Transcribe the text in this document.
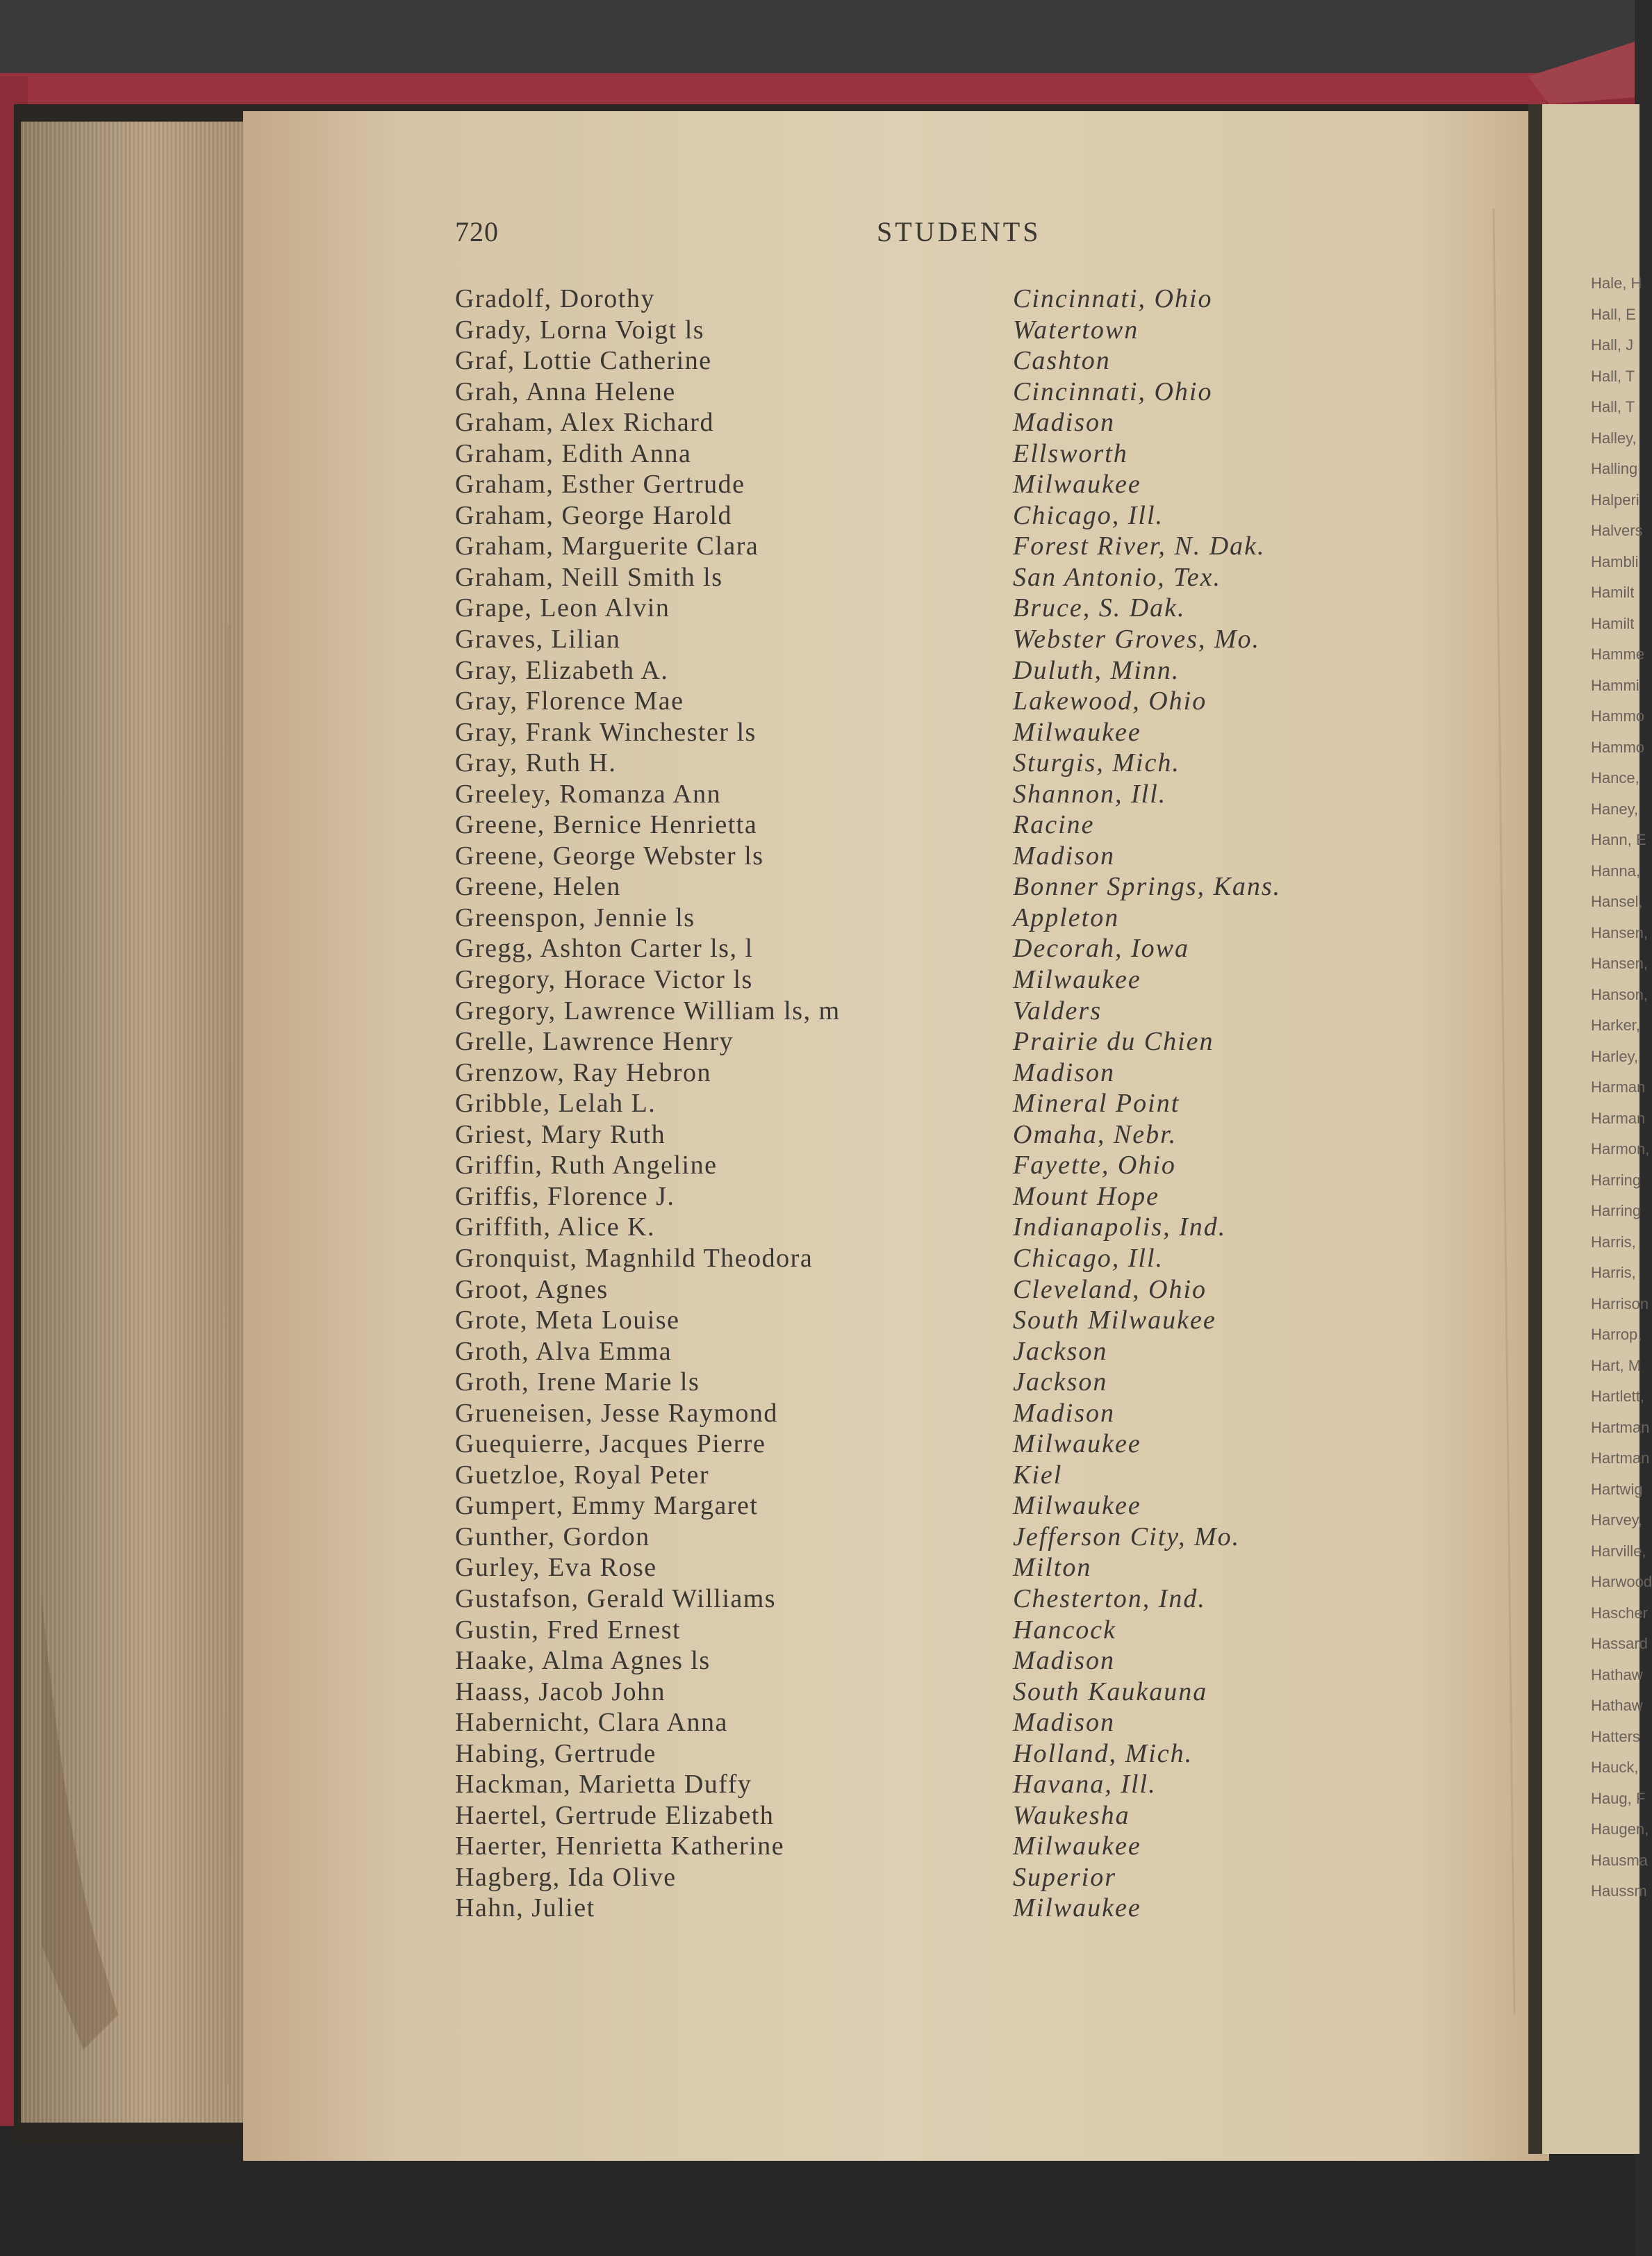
720	STUDENTS
Gradolf, Dorothy	Cincinnati, Ohio
Grady, Lorna Voigt ls	Watertown
Graf, Lottie Catherine	Cashton
Grah, Anna Helene	Cincinnati, Ohio
Graham, Alex Richard	Madison
Graham, Edith Anna	Ellsworth
Graham, Esther Gertrude	Milwaukee
Graham, George Harold	Chicago, Ill.
Graham, Marguerite Clara	Forest River, N. Dak.
Graham, Neill Smith ls	San Antonio, Tex.
Grape, Leon Alvin	Bruce, S. Dak.
Graves, Lilian	Webster Groves, Mo.
Gray, Elizabeth A.	Duluth, Minn.
Gray, Florence Mae	Lakewood, Ohio
Gray, Frank Winchester ls	Milwaukee
Gray, Ruth H.	Sturgis, Mich.
Greeley, Romanza Ann	Shannon, Ill.
Greene, Bernice Henrietta	Racine
Greene, George Webster ls	Madison
Greene, Helen	Bonner Springs, Kans.
Greenspon, Jennie ls	Appleton
Gregg, Ashton Carter ls, l	Decorah, Iowa
Gregory, Horace Victor ls	Milwaukee
Gregory, Lawrence William ls, m	Valders
Grelle, Lawrence Henry	Prairie du Chien
Grenzow, Ray Hebron	Madison
Gribble, Lelah L.	Mineral Point
Griest, Mary Ruth	Omaha, Nebr.
Griffin, Ruth Angeline	Fayette, Ohio
Griffis, Florence J.	Mount Hope
Griffith, Alice K.	Indianapolis, Ind.
Gronquist, Magnhild Theodora	Chicago, Ill.
Groot, Agnes	Cleveland, Ohio
Grote, Meta Louise	South Milwaukee
Groth, Alva Emma	Jackson
Groth, Irene Marie ls	Jackson
Grueneisen, Jesse Raymond	Madison
Guequierre, Jacques Pierre	Milwaukee
Guetzloe, Royal Peter	Kiel
Gumpert, Emmy Margaret	Milwaukee
Gunther, Gordon	Jefferson City, Mo.
Gurley, Eva Rose	Milton
Gustafson, Gerald Williams	Chesterton, Ind.
Gustin, Fred Ernest	Hancock
Haake, Alma Agnes ls	Madison
Haass, Jacob John	South Kaukauna
Habernicht, Clara Anna	Madison
Habing, Gertrude	Holland, Mich.
Hackman, Marietta Duffy	Havana, Ill.
Haertel, Gertrude Elizabeth	Waukesha
Haerter, Henrietta Katherine	Milwaukee
Hagberg, Ida Olive	Superior
Hahn, Juliet	Milwaukee
Hale, H
Hall, E
Hall, J
Hall, T
Hall, T
Halley,
Halling
Halperi
Halvers
Hambli
Hamilt
Hamilt
Hamme
Hammi
Hammo
Hammo
Hance,
Haney,
Hann, E
Hanna,
Hansel,
Hansen,
Hansen,
Hanson,
Harker,
Harley,
Harman
Harman
Harmon,
Harring
Harring
Harris,
Harris,
Harrison
Harrop,
Hart, M
Hartlett,
Hartman
Hartman
Hartwig
Harvey,
Harville,
Harwood
Hascher
Hassard
Hathaw
Hathaw
Hatters
Hauck,
Haug, F
Haugen,
Hausma
Haussm
